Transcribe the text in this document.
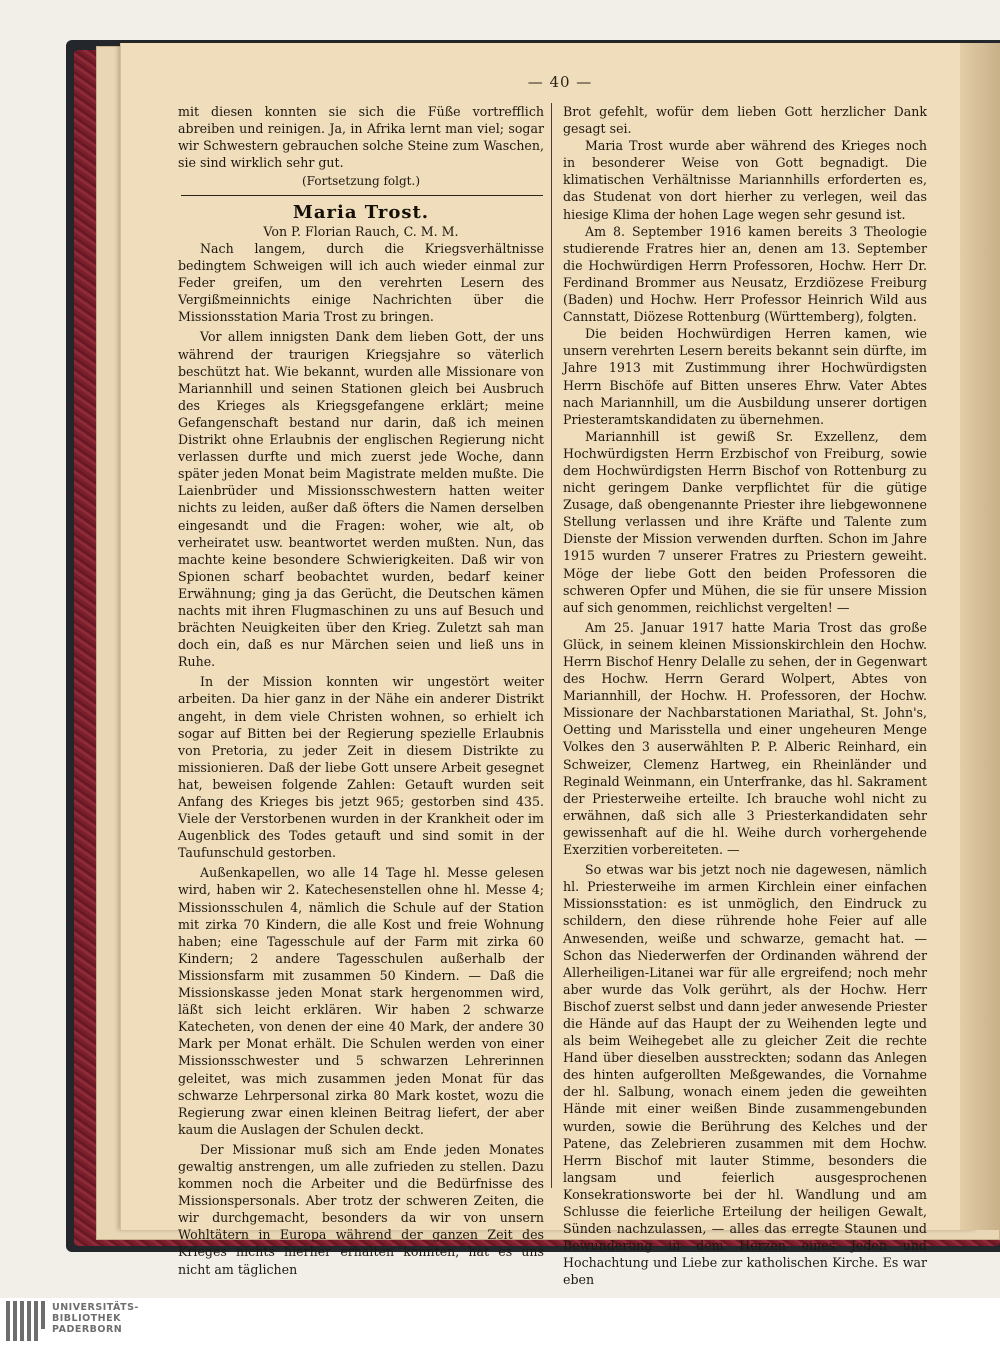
— 40 —

mit diesen konnten sie sich die Füße vortrefflich abreiben und reinigen. Ja, in Afrika lernt man viel; sogar wir Schwestern gebrauchen solche Steine zum Waschen, sie sind wirklich sehr gut.

(Fortsetzung folgt.)

Maria Trost.
Von P. Florian Rauch, C. M. M.

Nach langem, durch die Kriegsverhältnisse bedingtem Schweigen will ich auch wieder einmal zur Feder greifen, um den verehrten Lesern des Vergißmeinnichts einige Nachrichten über die Missionsstation Maria Trost zu bringen.

Vor allem innigsten Dank dem lieben Gott, der uns während der traurigen Kriegsjahre so väterlich beschützt hat. Wie bekannt, wurden alle Missionare von Mariannhill und seinen Stationen gleich bei Ausbruch des Krieges als Kriegsgefangene erklärt; meine Gefangenschaft bestand nur darin, daß ich meinen Distrikt ohne Erlaubnis der englischen Regierung nicht verlassen durfte und mich zuerst jede Woche, dann später jeden Monat beim Magistrate melden mußte. Die Laienbrüder und Missionsschwestern hatten weiter nichts zu leiden, außer daß öfters die Namen derselben eingesandt und die Fragen: woher, wie alt, ob verheiratet usw. beantwortet werden mußten. Nun, das machte keine besondere Schwierigkeiten. Daß wir von Spionen scharf beobachtet wurden, bedarf keiner Erwähnung; ging ja das Gerücht, die Deutschen kämen nachts mit ihren Flugmaschinen zu uns auf Besuch und brächten Neuigkeiten über den Krieg. Zuletzt sah man doch ein, daß es nur Märchen seien und ließ uns in Ruhe.

In der Mission konnten wir ungestört weiter arbeiten. Da hier ganz in der Nähe ein anderer Distrikt angeht, in dem viele Christen wohnen, so erhielt ich sogar auf Bitten bei der Regierung spezielle Erlaubnis von Pretoria, zu jeder Zeit in diesem Distrikte zu missionieren. Daß der liebe Gott unsere Arbeit gesegnet hat, beweisen folgende Zahlen: Getauft wurden seit Anfang des Krieges bis jetzt 965; gestorben sind 435. Viele der Verstorbenen wurden in der Krankheit oder im Augenblick des Todes getauft und sind somit in der Taufunschuld gestorben.

Außenkapellen, wo alle 14 Tage hl. Messe gelesen wird, haben wir 2. Katechesenstellen ohne hl. Messe 4; Missionsschulen 4, nämlich die Schule auf der Station mit zirka 70 Kindern, die alle Kost und freie Wohnung haben; eine Tagesschule auf der Farm mit zirka 60 Kindern; 2 andere Tagesschulen außerhalb der Missionsfarm mit zusammen 50 Kindern. — Daß die Missionskasse jeden Monat stark hergenommen wird, läßt sich leicht erklären. Wir haben 2 schwarze Katecheten, von denen der eine 40 Mark, der andere 30 Mark per Monat erhält. Die Schulen werden von einer Missionsschwester und 5 schwarzen Lehrerinnen geleitet, was mich zusammen jeden Monat für das schwarze Lehrpersonal zirka 80 Mark kostet, wozu die Regierung zwar einen kleinen Beitrag liefert, der aber kaum die Auslagen der Schulen deckt.

Der Missionar muß sich am Ende jeden Monates gewaltig anstrengen, um alle zufrieden zu stellen. Dazu kommen noch die Arbeiter und die Bedürfnisse des Missionspersonals. Aber trotz der schweren Zeiten, die wir durchgemacht, besonders da wir von unsern Wohltätern in Europa während der ganzen Zeit des Krieges nichts hierher erhalten konnten, hat es uns nicht am täglichen

Brot gefehlt, wofür dem lieben Gott herzlicher Dank gesagt sei.

Maria Trost wurde aber während des Krieges noch in besonderer Weise von Gott begnadigt. Die klimatischen Verhältnisse Mariannhills erforderten es, das Studenat von dort hierher zu verlegen, weil das hiesige Klima der hohen Lage wegen sehr gesund ist.

Am 8. September 1916 kamen bereits 3 Theologie studierende Fratres hier an, denen am 13. September die Hochwürdigen Herrn Professoren, Hochw. Herr Dr. Ferdinand Brommer aus Neusatz, Erzdiözese Freiburg (Baden) und Hochw. Herr Professor Heinrich Wild aus Cannstatt, Diözese Rottenburg (Württemberg), folgten.

Die beiden Hochwürdigen Herren kamen, wie unsern verehrten Lesern bereits bekannt sein dürfte, im Jahre 1913 mit Zustimmung ihrer Hochwürdigsten Herrn Bischöfe auf Bitten unseres Ehrw. Vater Abtes nach Mariannhill, um die Ausbildung unserer dortigen Priesteramtskandidaten zu übernehmen.

Mariannhill ist gewiß Sr. Exzellenz, dem Hochwürdigsten Herrn Erzbischof von Freiburg, sowie dem Hochwürdigsten Herrn Bischof von Rottenburg zu nicht geringem Danke verpflichtet für die gütige Zusage, daß obengenannte Priester ihre liebgewonnene Stellung verlassen und ihre Kräfte und Talente zum Dienste der Mission verwenden durften. Schon im Jahre 1915 wurden 7 unserer Fratres zu Priestern geweiht. Möge der liebe Gott den beiden Professoren die schweren Opfer und Mühen, die sie für unsere Mission auf sich genommen, reichlichst vergelten! —

Am 25. Januar 1917 hatte Maria Trost das große Glück, in seinem kleinen Missionskirchlein den Hochw. Herrn Bischof Henry Delalle zu sehen, der in Gegenwart des Hochw. Herrn Gerard Wolpert, Abtes von Mariannhill, der Hochw. H. Professoren, der Hochw. Missionare der Nachbarstationen Mariathal, St. John's, Oetting und Marisstella und einer ungeheuren Menge Volkes den 3 auserwählten P. P. Alberic Reinhard, ein Schweizer, Clemenz Hartweg, ein Rheinländer und Reginald Weinmann, ein Unterfranke, das hl. Sakrament der Priesterweihe erteilte. Ich brauche wohl nicht zu erwähnen, daß sich alle 3 Priesterkandidaten sehr gewissenhaft auf die hl. Weihe durch vorhergehende Exerzitien vorbereiteten. —

So etwas war bis jetzt noch nie dagewesen, nämlich hl. Priesterweihe im armen Kirchlein einer einfachen Missionsstation: es ist unmöglich, den Eindruck zu schildern, den diese rührende hohe Feier auf alle Anwesenden, weiße und schwarze, gemacht hat. — Schon das Niederwerfen der Ordinanden während der Allerheiligen-Litanei war für alle ergreifend; noch mehr aber wurde das Volk gerührt, als der Hochw. Herr Bischof zuerst selbst und dann jeder anwesende Priester die Hände auf das Haupt der zu Weihenden legte und als beim Weihegebet alle zu gleicher Zeit die rechte Hand über dieselben ausstreckten; sodann das Anlegen des hinten aufgerollten Meßgewandes, die Vornahme der hl. Salbung, wonach einem jeden die geweihten Hände mit einer weißen Binde zusammengebunden wurden, sowie die Berührung des Kelches und der Patene, das Zelebrieren zusammen mit dem Hochw. Herrn Bischof mit lauter Stimme, besonders die langsam und feierlich ausgesprochenen Konsekrationsworte bei der hl. Wandlung und am Schlusse die feierliche Erteilung der heiligen Gewalt, Sünden nachzulassen, — alles das erregte Staunen und Bewunderung in dem Herzen eines Jeden und Hochachtung und Liebe zur katholischen Kirche. Es war eben

UNIVERSITÄTS-
BIBLIOTHEK
PADERBORN
